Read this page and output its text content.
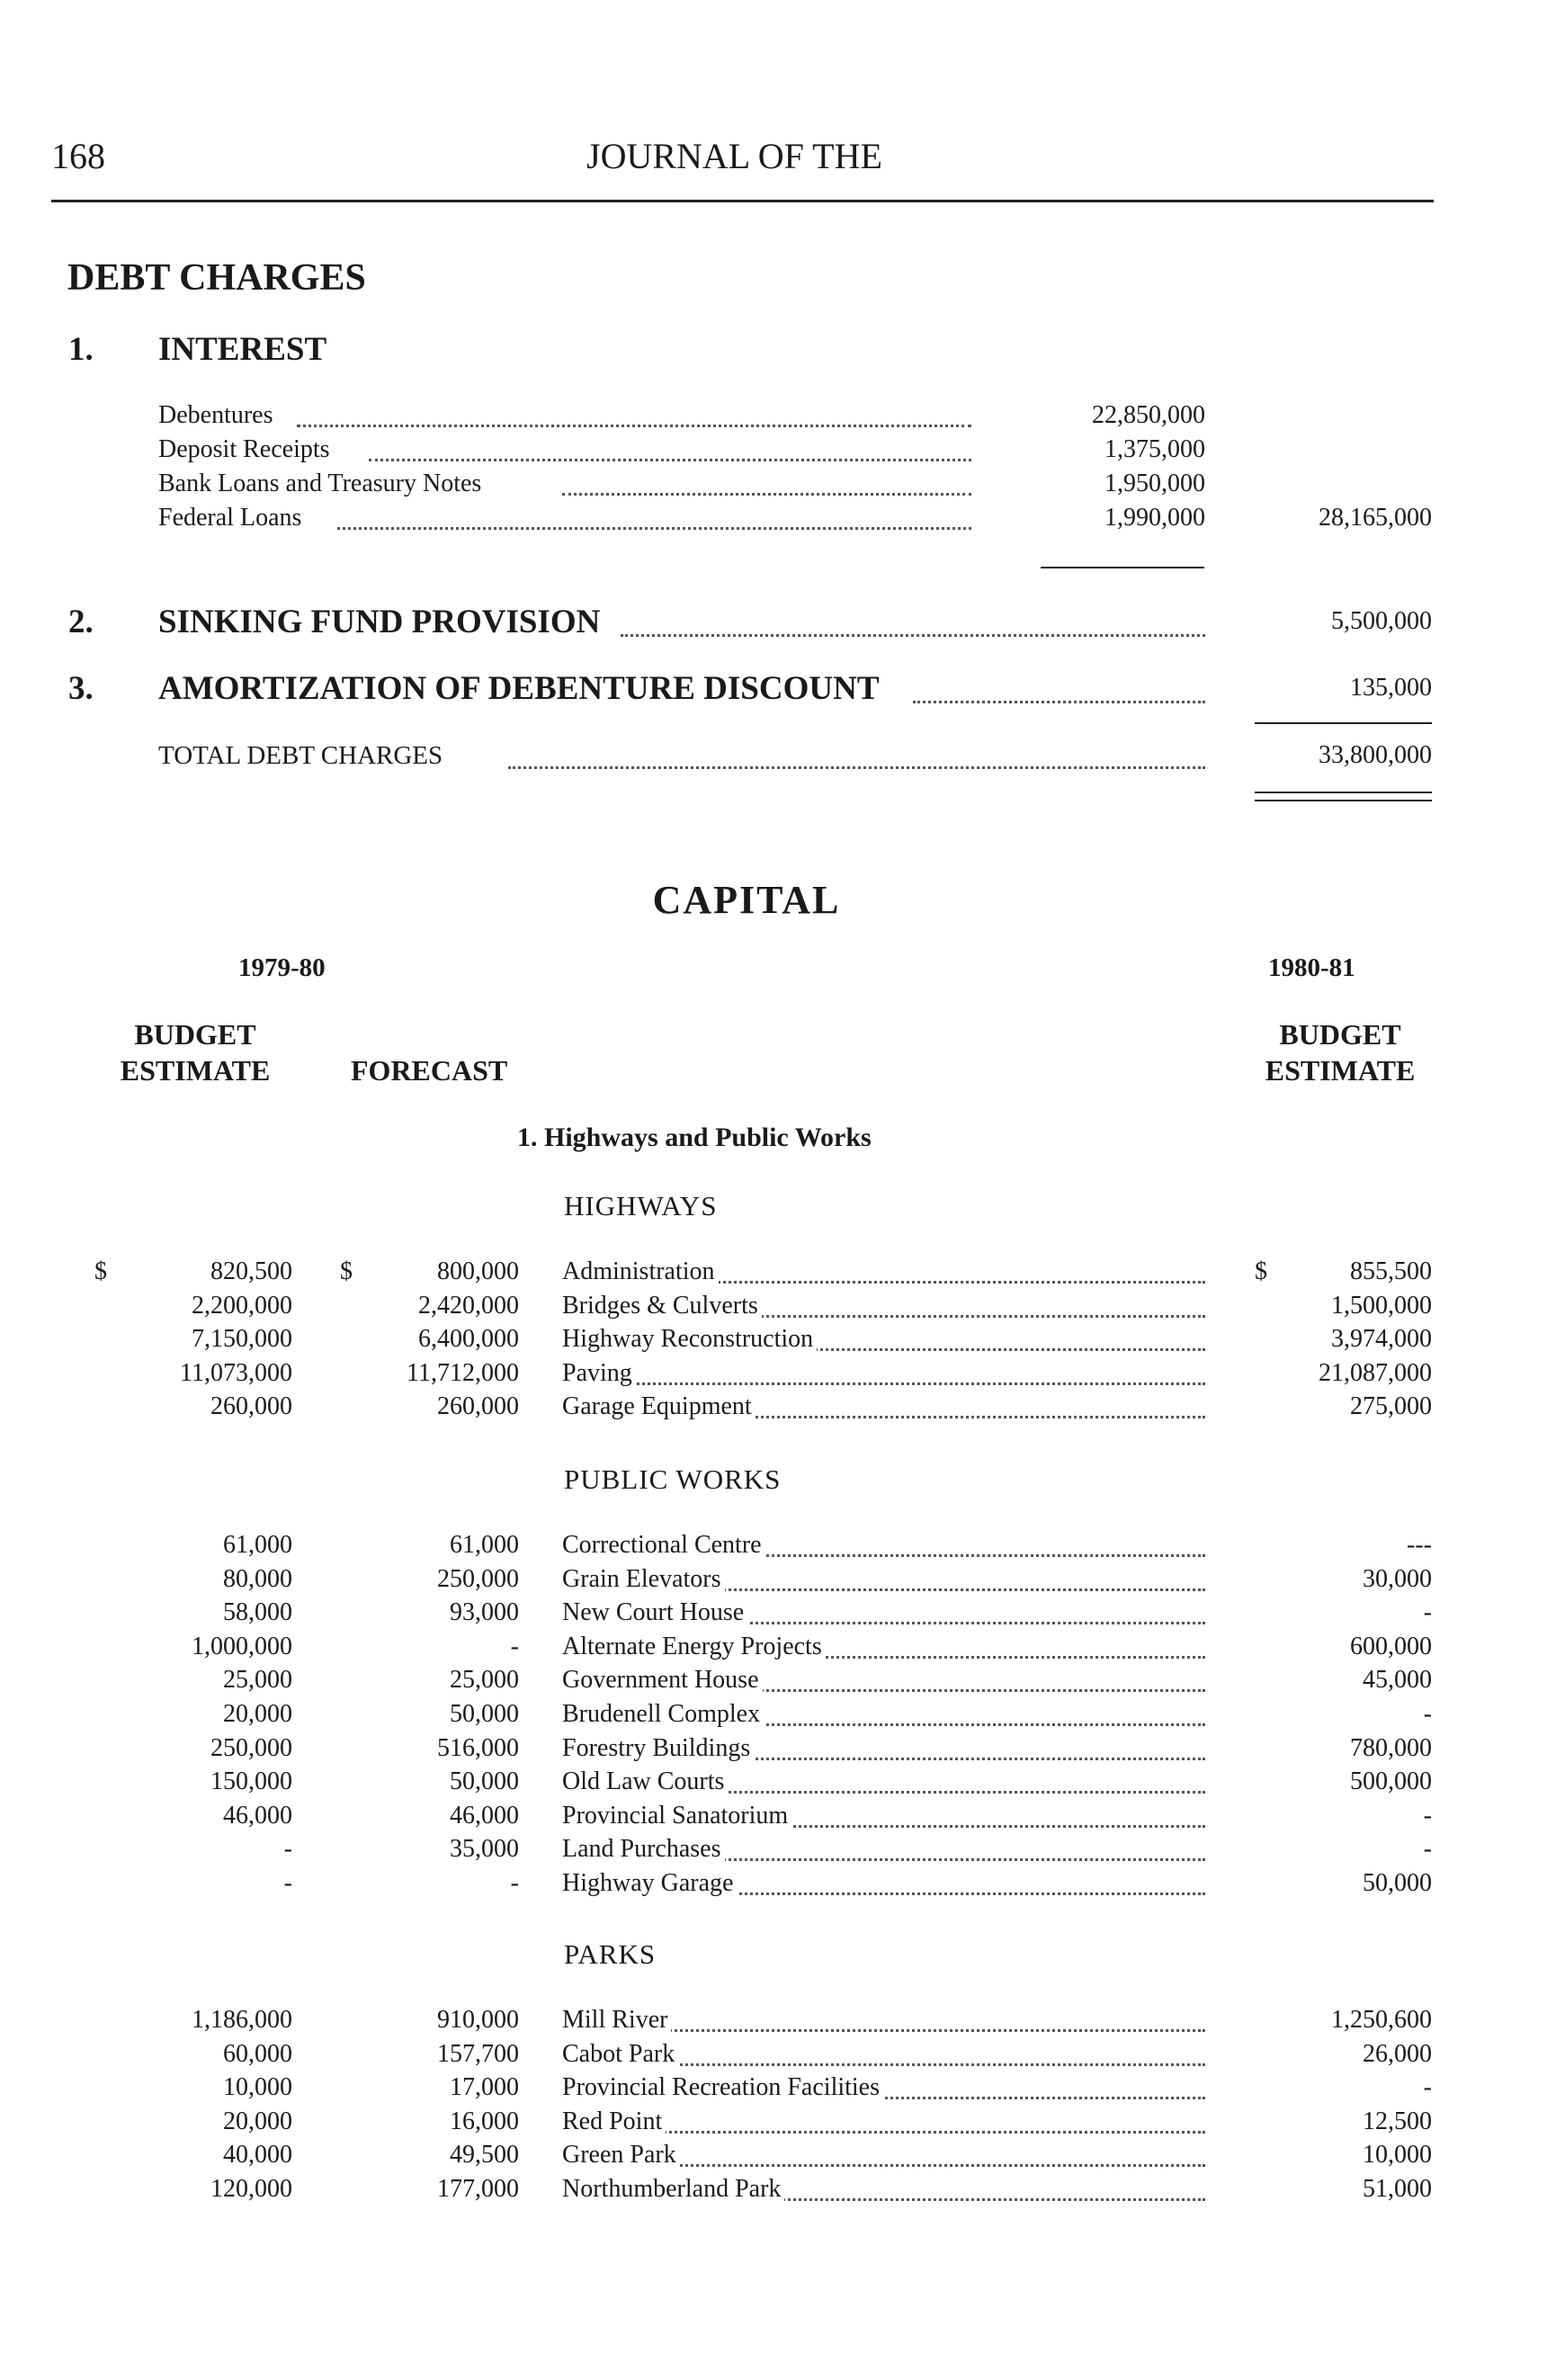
168	JOURNAL OF THE
DEBT CHARGES
1. INTEREST
Debentures	22,850,000
Deposit Receipts	1,375,000
Bank Loans and Treasury Notes	1,950,000
Federal Loans	1,990,000	28,165,000
2. SINKING FUND PROVISION	5,500,000
3. AMORTIZATION OF DEBENTURE DISCOUNT	135,000
TOTAL DEBT CHARGES	33,800,000
CAPITAL
1979-80	1980-81
BUDGET
ESTIMATE	FORECAST
BUDGET
ESTIMATE
1. Highways and Public Works
HIGHWAYS
$	$	$
820,500	800,000 Administration	855,500
2,200,000	2,420,000 Bridges & Culverts	1,500,000
7,150,000	6,400,000 Highway Reconstruction	3,974,000
11,073,000	11,712,000 Paving	21,087,000
260,000	260,000 Garage Equipment	275,000
PUBLIC WORKS
61,000	61,000 Correctional Centre	---
80,000	250,000 Grain Elevators	30,000
58,000	93,000 New Court House	-
1,000,000	- Alternate Energy Projects	600,000
25,000	25,000 Government House	45,000
20,000	50,000 Brudenell Complex	-
250,000	516,000 Forestry Buildings	780,000
150,000	50,000 Old Law Courts	500,000
46,000	46,000 Provincial Sanatorium	-
-	35,000 Land Purchases	-
-	- Highway Garage	50,000
PARKS
1,186,000	910,000 Mill River	1,250,600
60,000	157,700 Cabot Park	26,000
10,000	17,000 Provincial Recreation Facilities	-
20,000	16,000 Red Point	12,500
40,000	49,500 Green Park	10,000
120,000	177,000 Northumberland Park	51,000
